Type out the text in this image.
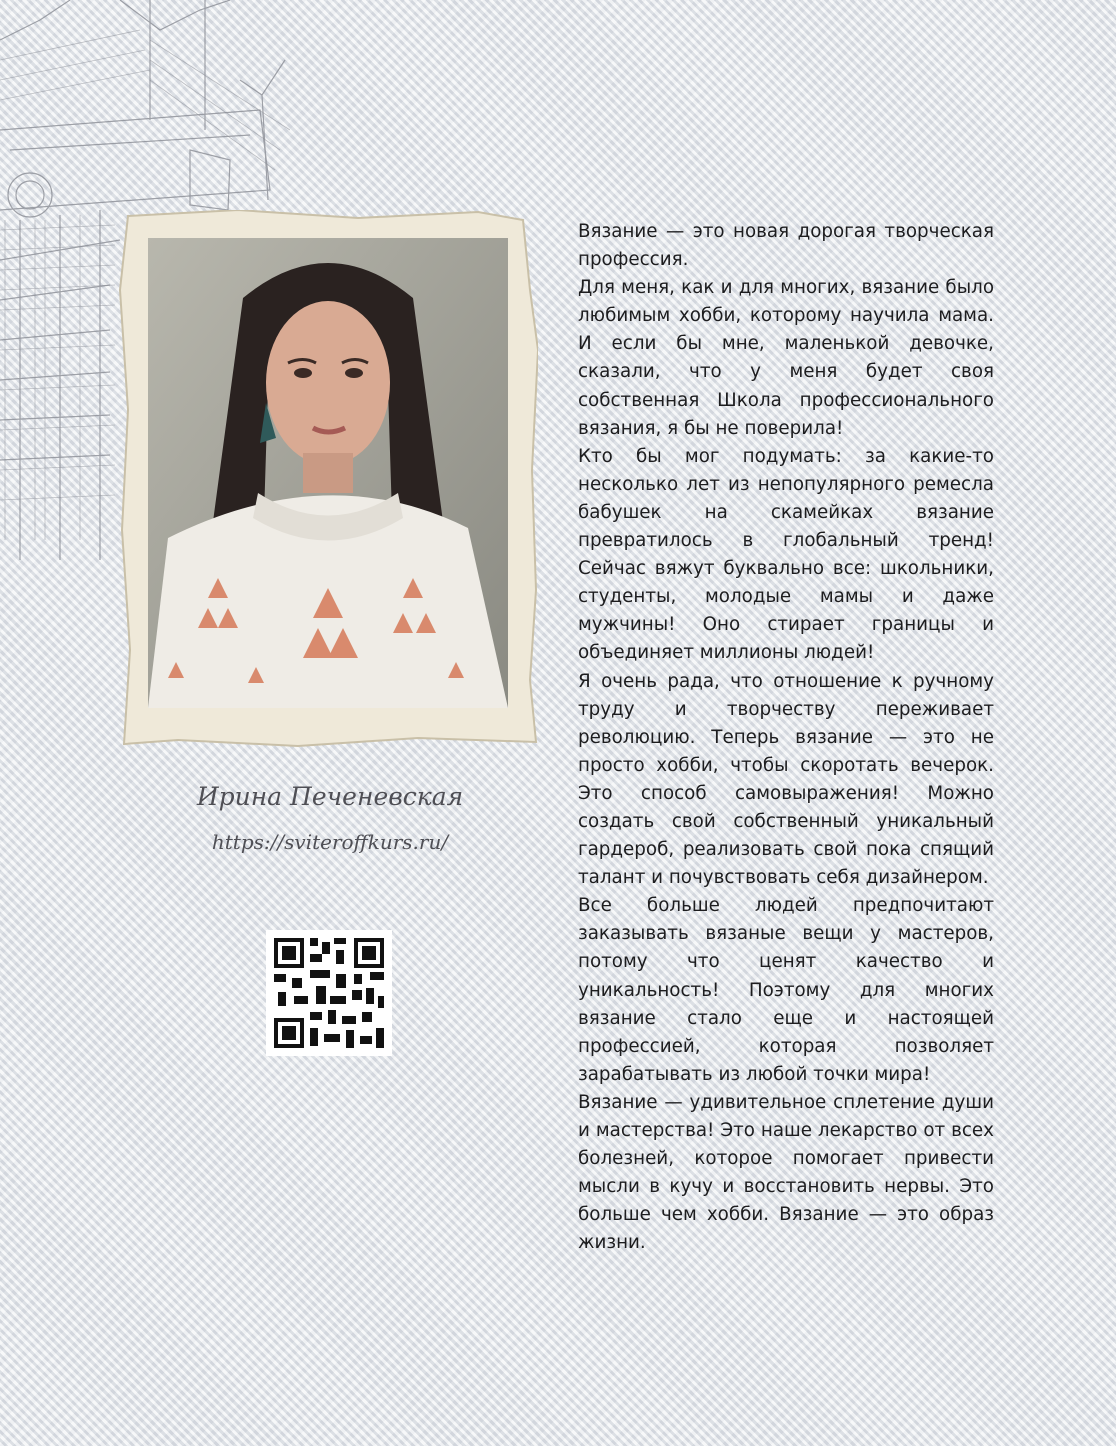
Ирина Печеневская
https://sviteroffkurs.ru/

Вязание — это новая дорогая творческая профессия.

Для меня, как и для многих, вязание было любимым хобби, которому научила мама. И если бы мне, маленькой девочке, сказали, что у меня будет своя собственная Школа профессионального вязания, я бы не поверила!

Кто бы мог подумать: за какие-то несколько лет из непопулярного ремесла бабушек на скамейках вязание превратилось в глобальный тренд! Сейчас вяжут буквально все: школьники, студенты, молодые мамы и даже мужчины! Оно стирает границы и объединяет миллионы людей!

Я очень рада, что отношение к ручному труду и творчеству переживает революцию. Теперь вязание — это не просто хобби, чтобы скоротать вечерок. Это способ самовыражения! Можно создать свой собственный уникальный гардероб, реализовать свой пока спящий талант и почувствовать себя дизайнером.

Все больше людей предпочитают заказывать вязаные вещи у мастеров, потому что ценят качество и уникальность! Поэтому для многих вязание стало еще и настоящей профессией, которая позволяет зарабатывать из любой точки мира!

Вязание — удивительное сплетение души и мастерства! Это наше лекарство от всех болезней, которое помогает привести мысли в кучу и восстановить нервы. Это больше чем хобби. Вязание — это образ жизни.
